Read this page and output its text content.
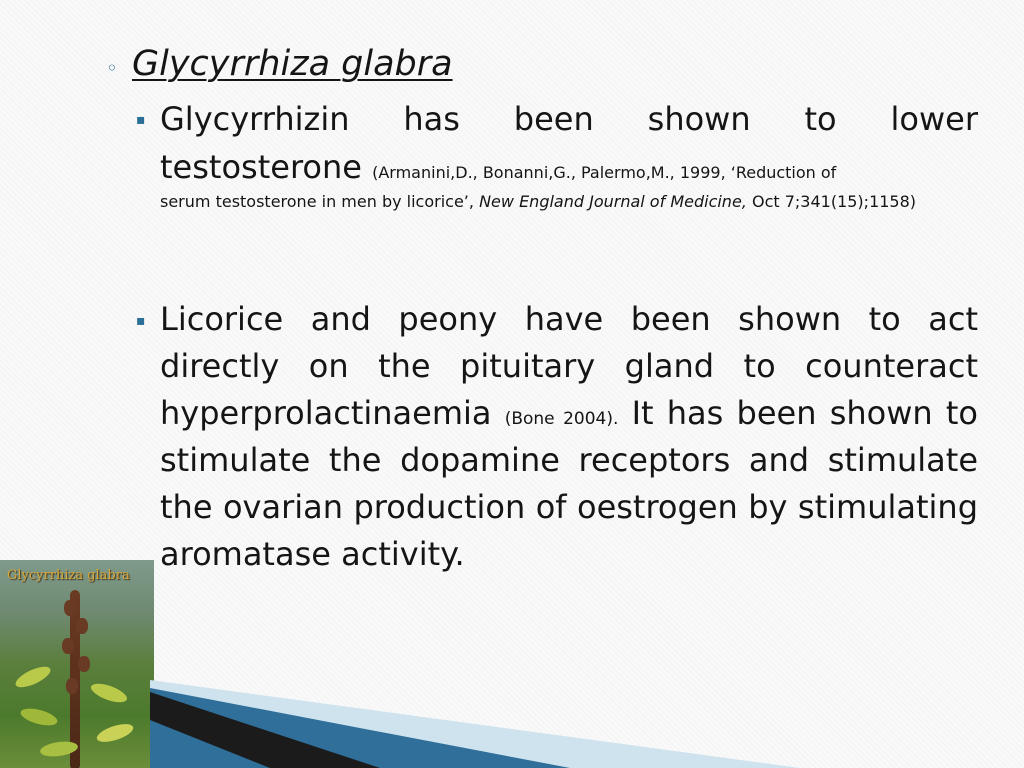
◦ Glycyrrhiza glabra
▪ Glycyrrhizin has been shown to lower
testosterone (Armanini,D., Bonanni,G., Palermo,M., 1999, ‘Reduction of
serum testosterone in men by licorice’, New England Journal of Medicine, Oct 7;341(15);1158)
▪ Licorice and peony have been shown to act directly on the pituitary gland to counteract hyperprolactinaemia (Bone 2004). It has been shown to stimulate the dopamine receptors and stimulate the ovarian production of oestrogen by stimulating aromatase activity.
Glycyrrhiza glabra
